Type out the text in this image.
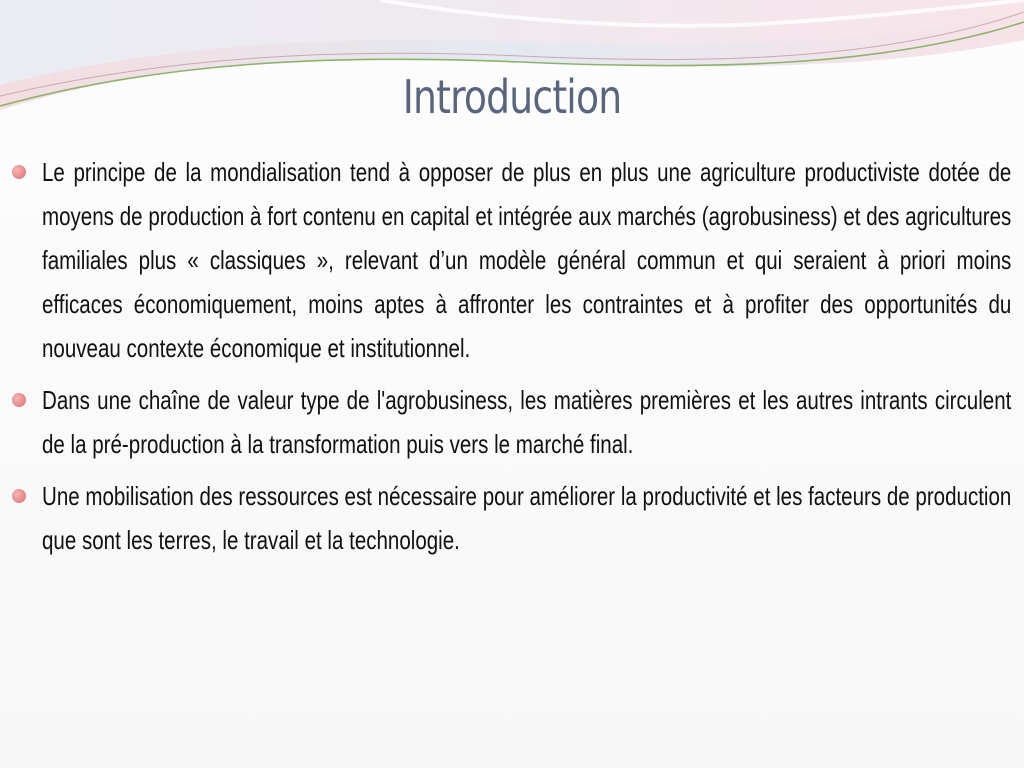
Introduction
Le principe de la mondialisation tend à opposer de plus en plus une agriculture productiviste dotée de moyens de production à fort contenu en capital et intégrée aux marchés (agrobusiness) et des agricultures familiales plus « classiques », relevant d’un modèle général commun et qui seraient à priori moins efficaces économiquement, moins aptes à affronter les contraintes et à profiter des opportunités du nouveau contexte économique et institutionnel.
Dans une chaîne de valeur type de l'agrobusiness, les matières premières et les autres intrants circulent de la pré-production à la transformation puis vers le marché final.
Une mobilisation des ressources est nécessaire pour améliorer la productivité et les facteurs de production que sont les terres, le travail et la technologie.
